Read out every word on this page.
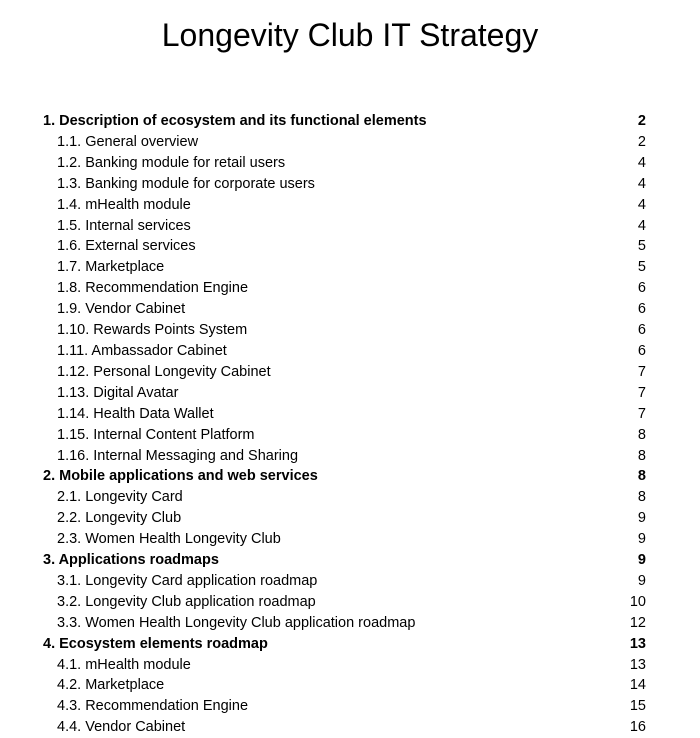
Longevity Club IT Strategy
1. Description of ecosystem and its functional elements	2
1.1. General overview	2
1.2. Banking module for retail users	4
1.3. Banking module for corporate users	4
1.4. mHealth module	4
1.5. Internal services	4
1.6. External services	5
1.7. Marketplace	5
1.8. Recommendation Engine	6
1.9. Vendor Cabinet	6
1.10. Rewards Points System	6
1.11. Ambassador Cabinet	6
1.12. Personal Longevity Cabinet	7
1.13. Digital Avatar	7
1.14. Health Data Wallet	7
1.15. Internal Content Platform	8
1.16. Internal Messaging and Sharing	8
2. Mobile applications and web services	8
2.1. Longevity Card	8
2.2. Longevity Club	9
2.3. Women Health Longevity Club	9
3. Applications roadmaps	9
3.1. Longevity Card application roadmap	9
3.2. Longevity Club application roadmap	10
3.3. Women Health Longevity Club application roadmap	12
4. Ecosystem elements roadmap	13
4.1. mHealth module	13
4.2. Marketplace	14
4.3. Recommendation Engine	15
4.4. Vendor Cabinet	16
